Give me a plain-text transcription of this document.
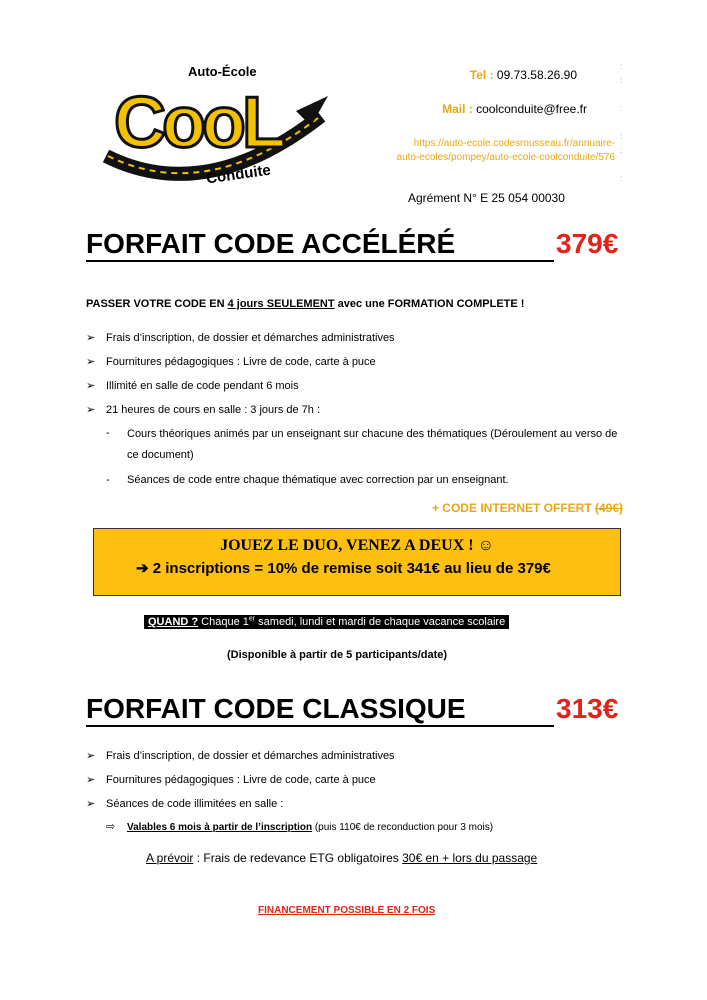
Auto-École
CooL
Conduite
Tel : 09.73.58.26.90
Mail : coolconduite@free.fr
https://auto-ecole.codesrousseau.fr/annuaire-
auto-ecoles/pompey/auto-ecole-coolconduite/576
:
:

:

:
:

:

Agrément N° E 25 054 00030
FORFAIT CODE ACCÉLÉRÉ	379€
PASSER VOTRE CODE EN 4 jours SEULEMENT avec une FORMATION COMPLETE !
➢ Frais d’inscription, de dossier et démarches administratives
➢ Fournitures pédagogiques : Livre de code, carte à puce
➢ Illimité en salle de code pendant 6 mois
➢ 21 heures de cours en salle : 3 jours de 7h :
- Cours théoriques animés par un enseignant sur chacune des thématiques (Déroulement au verso de ce document)
- Séances de code entre chaque thématique avec correction par un enseignant.
+ CODE INTERNET OFFERT (49€)
JOUEZ LE DUO, VENEZ A DEUX ! ☺
➔ 2 inscriptions = 10% de remise soit 341€ au lieu de 379€
QUAND ? Chaque 1er samedi, lundi et mardi de chaque vacance scolaire
(Disponible à partir de 5 participants/date)
FORFAIT CODE CLASSIQUE	313€
➢ Frais d’inscription, de dossier et démarches administratives
➢ Fournitures pédagogiques : Livre de code, carte à puce
➢ Séances de code illimitées en salle :
⇨ Valables 6 mois à partir de l’inscription (puis 110€ de reconduction pour 3 mois)
A prévoir : Frais de redevance ETG obligatoires 30€ en + lors du passage
FINANCEMENT POSSIBLE EN 2 FOIS
